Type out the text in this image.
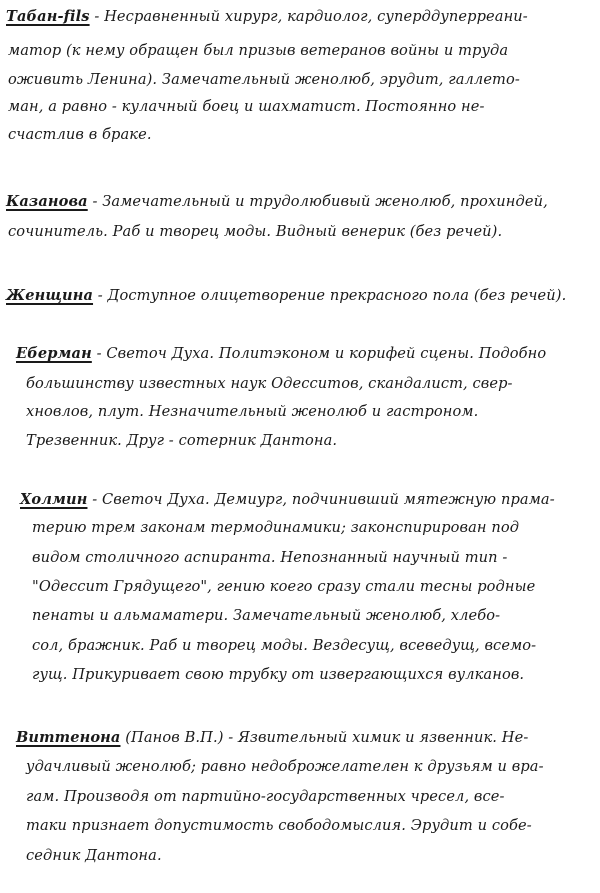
Табан-fils - Несравненный хирург, кардиолог, суперддуперреани-
матор (к нему обращен был призыв ветеранов войны и труда
оживить Ленина). Замечательный женолюб, эрудит, галлето-
ман, а равно - кулачный боец и шахматист. Постоянно не-
счастлив в браке.
Казанова - Замечательный и трудолюбивый женолюб, прохиндей,
сочинитель. Раб и творец моды. Видный венерик (без речей).
Женщина - Доступное олицетворение прекрасного пола (без речей).
Еберман - Светоч Духа. Политэконом и корифей сцены. Подобно
большинству известных наук Одесситов, скандалист, свер-
хновлов, плут. Незначительный женолюб и гастроном.
Трезвенник. Друг - сотерник Дантона.
Холмин - Светоч Духа. Демиург, подчинивший мятежную прама-
терию трем законам термодинамики; законспирирован под
видом столичного аспиранта. Непознанный научный тип -
"Одессит Грядущего", гению коего сразу стали тесны родные
пенаты и альмаматери. Замечательный женолюб, хлебо-
сол, бражник. Раб и творец моды. Вездесущ, всеведущ, всемо-
гущ. Прикуривает свою трубку от извергающихся вулканов.
Виттенона (Панов В.П.) - Язвительный химик и язвенник. Не-
удачливый женолюб; равно недоброжелателен к друзьям и вра-
гам. Производя от партийно-государственных чресел, все-
таки признает допустимость свободомыслия. Эрудит и собе-
седник Дантона.
